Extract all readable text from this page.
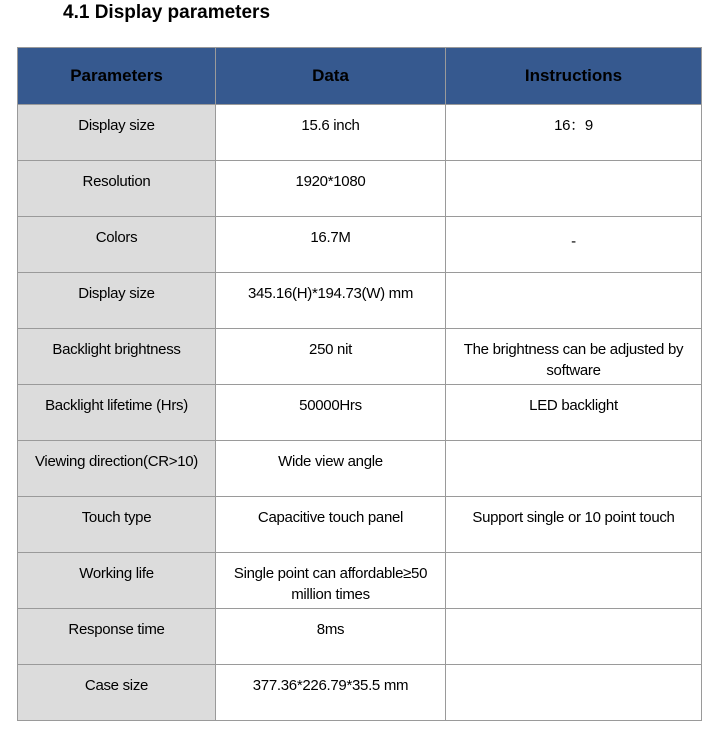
4.1 Display parameters
Parameters	Data	Instructions
Display size	15.6 inch	16：9
Resolution	1920*1080	
Colors	16.7M	-
Display size	345.16(H)*194.73(W) mm	
Backlight brightness	250 nit	The brightness can be adjusted by software
Backlight lifetime (Hrs)	50000Hrs	LED backlight
Viewing direction(CR>10)	Wide view angle	
Touch type	Capacitive touch panel	Support single or 10 point touch
Working life	Single point can affordable≥50 million times	
Response time	8ms	
Case size	377.36*226.79*35.5 mm	
